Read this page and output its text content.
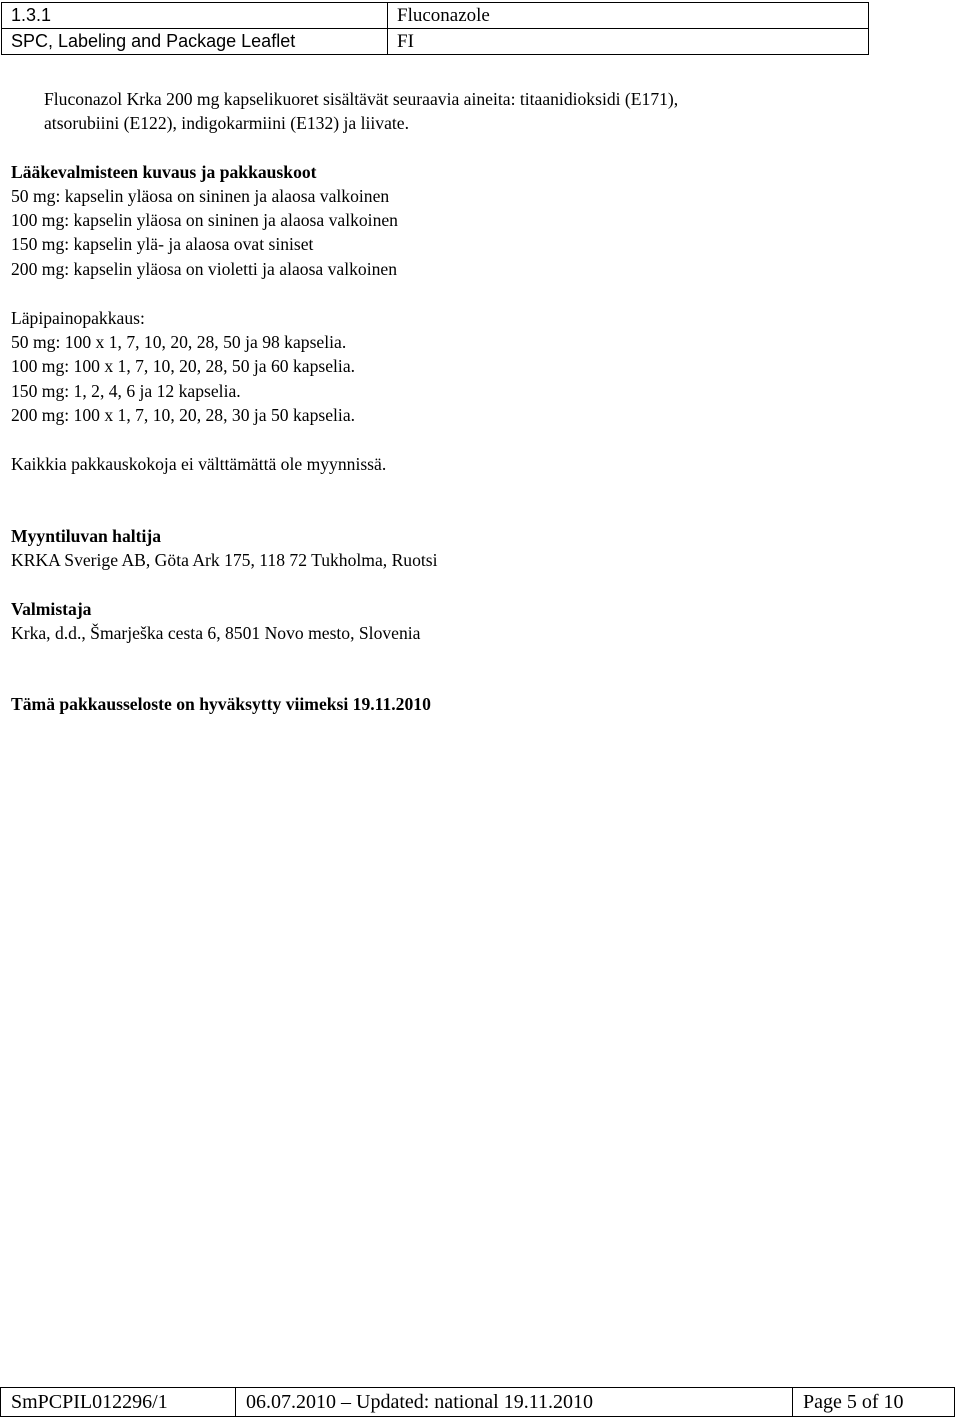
1.3.1	Fluconazole
SPC, Labeling and Package Leaflet	FI
Fluconazol Krka 200 mg kapselikuoret sisältävät seuraavia aineita: titaanidioksidi (E171),
atsorubiini (E122), indigokarmiini (E132) ja liivate.
Lääkevalmisteen kuvaus ja pakkauskoot
50 mg: kapselin yläosa on sininen ja alaosa valkoinen
100 mg: kapselin yläosa on sininen ja alaosa valkoinen
150 mg: kapselin ylä- ja alaosa ovat siniset
200 mg: kapselin yläosa on violetti ja alaosa valkoinen
Läpipainopakkaus:
50 mg: 100 x 1, 7, 10, 20, 28, 50 ja 98 kapselia.
100 mg: 100 x 1, 7, 10, 20, 28, 50 ja 60 kapselia.
150 mg: 1, 2, 4, 6 ja 12 kapselia.
200 mg: 100 x 1, 7, 10, 20, 28, 30 ja 50 kapselia.
Kaikkia pakkauskokoja ei välttämättä ole myynnissä.
Myyntiluvan haltija
KRKA Sverige AB, Göta Ark 175, 118 72 Tukholma, Ruotsi
Valmistaja
Krka, d.d., Šmarješka cesta 6, 8501 Novo mesto, Slovenia
Tämä pakkausseloste on hyväksytty viimeksi 19.11.2010
SmPCPIL012296/1	06.07.2010 – Updated: national 19.11.2010	Page 5 of 10
